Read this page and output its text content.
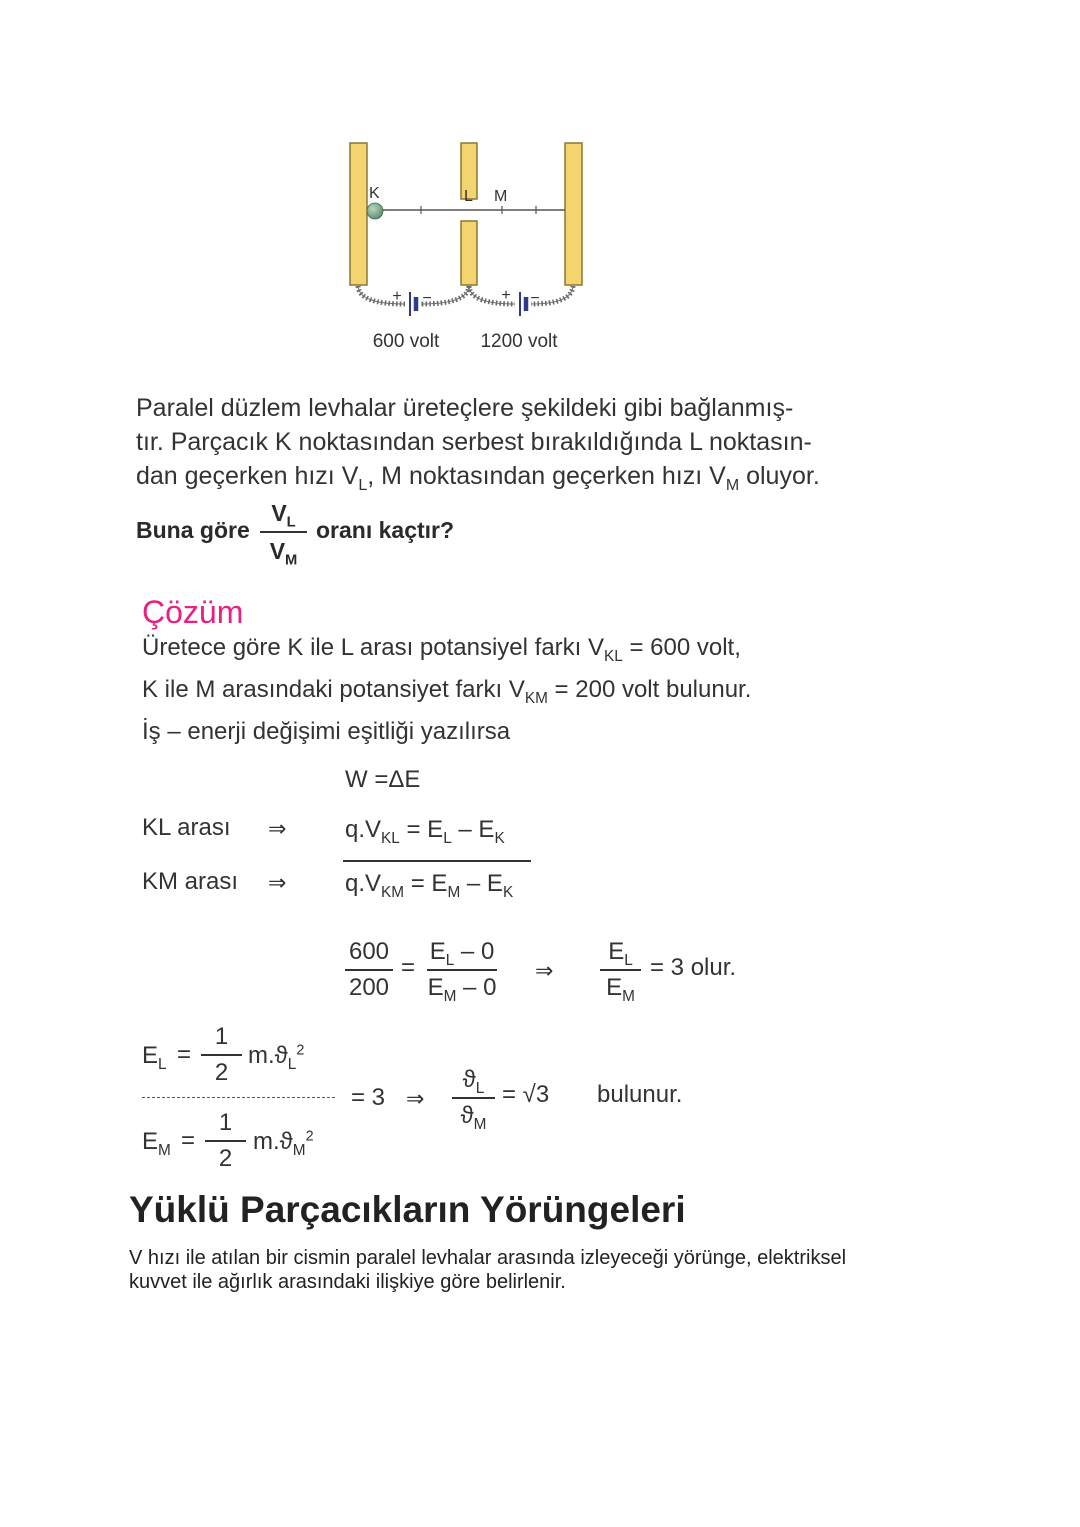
K	L M
+ −
600 volt
+ −
1200 volt
Paralel düzlem levhalar üreteçlere şekildeki gibi bağlanmış-
tır. Parçacık K noktasından serbest bırakıldığında L noktasın-
dan geçerken hızı $V_L$, M noktasından geçerken hızı $V_M$ oluyor.
Buna göre
$V_L$
$V_M$
oranı kaçtır?
Çözüm
Üretece göre K ile L arası potansiyel farkı $V_{KL} = 600$ volt,
K ile M arasındaki potansiyet farkı $V_{KM} = 200$ volt bulunur.
İş – enerji değişimi eşitliği yazılırsa
W =ΔE
KL arası ⇒ $q.V_{KL} = E_L - E_K$
KM arası ⇒ $q.V_{KM} = E_M - E_K$
600
200
=
$E_L - 0$
$E_M - 0$
⇒
$E_L$
$E_M$
= 3 olur.
$E_L$ =
1
2
$m.ϑ_L^2$
$E_M$ =
1
2
$m.ϑ_M^2$
= 3 ⇒
$ϑ_L$
$ϑ_M$
= √3 bulunur.
Yüklü Parçacıkların Yörüngeleri
V hızı ile atılan bir cismin paralel levhalar arasında izleyeceği yörünge, elektriksel
kuvvet ile ağırlık arasındaki ilişkiye göre belirlenir.
